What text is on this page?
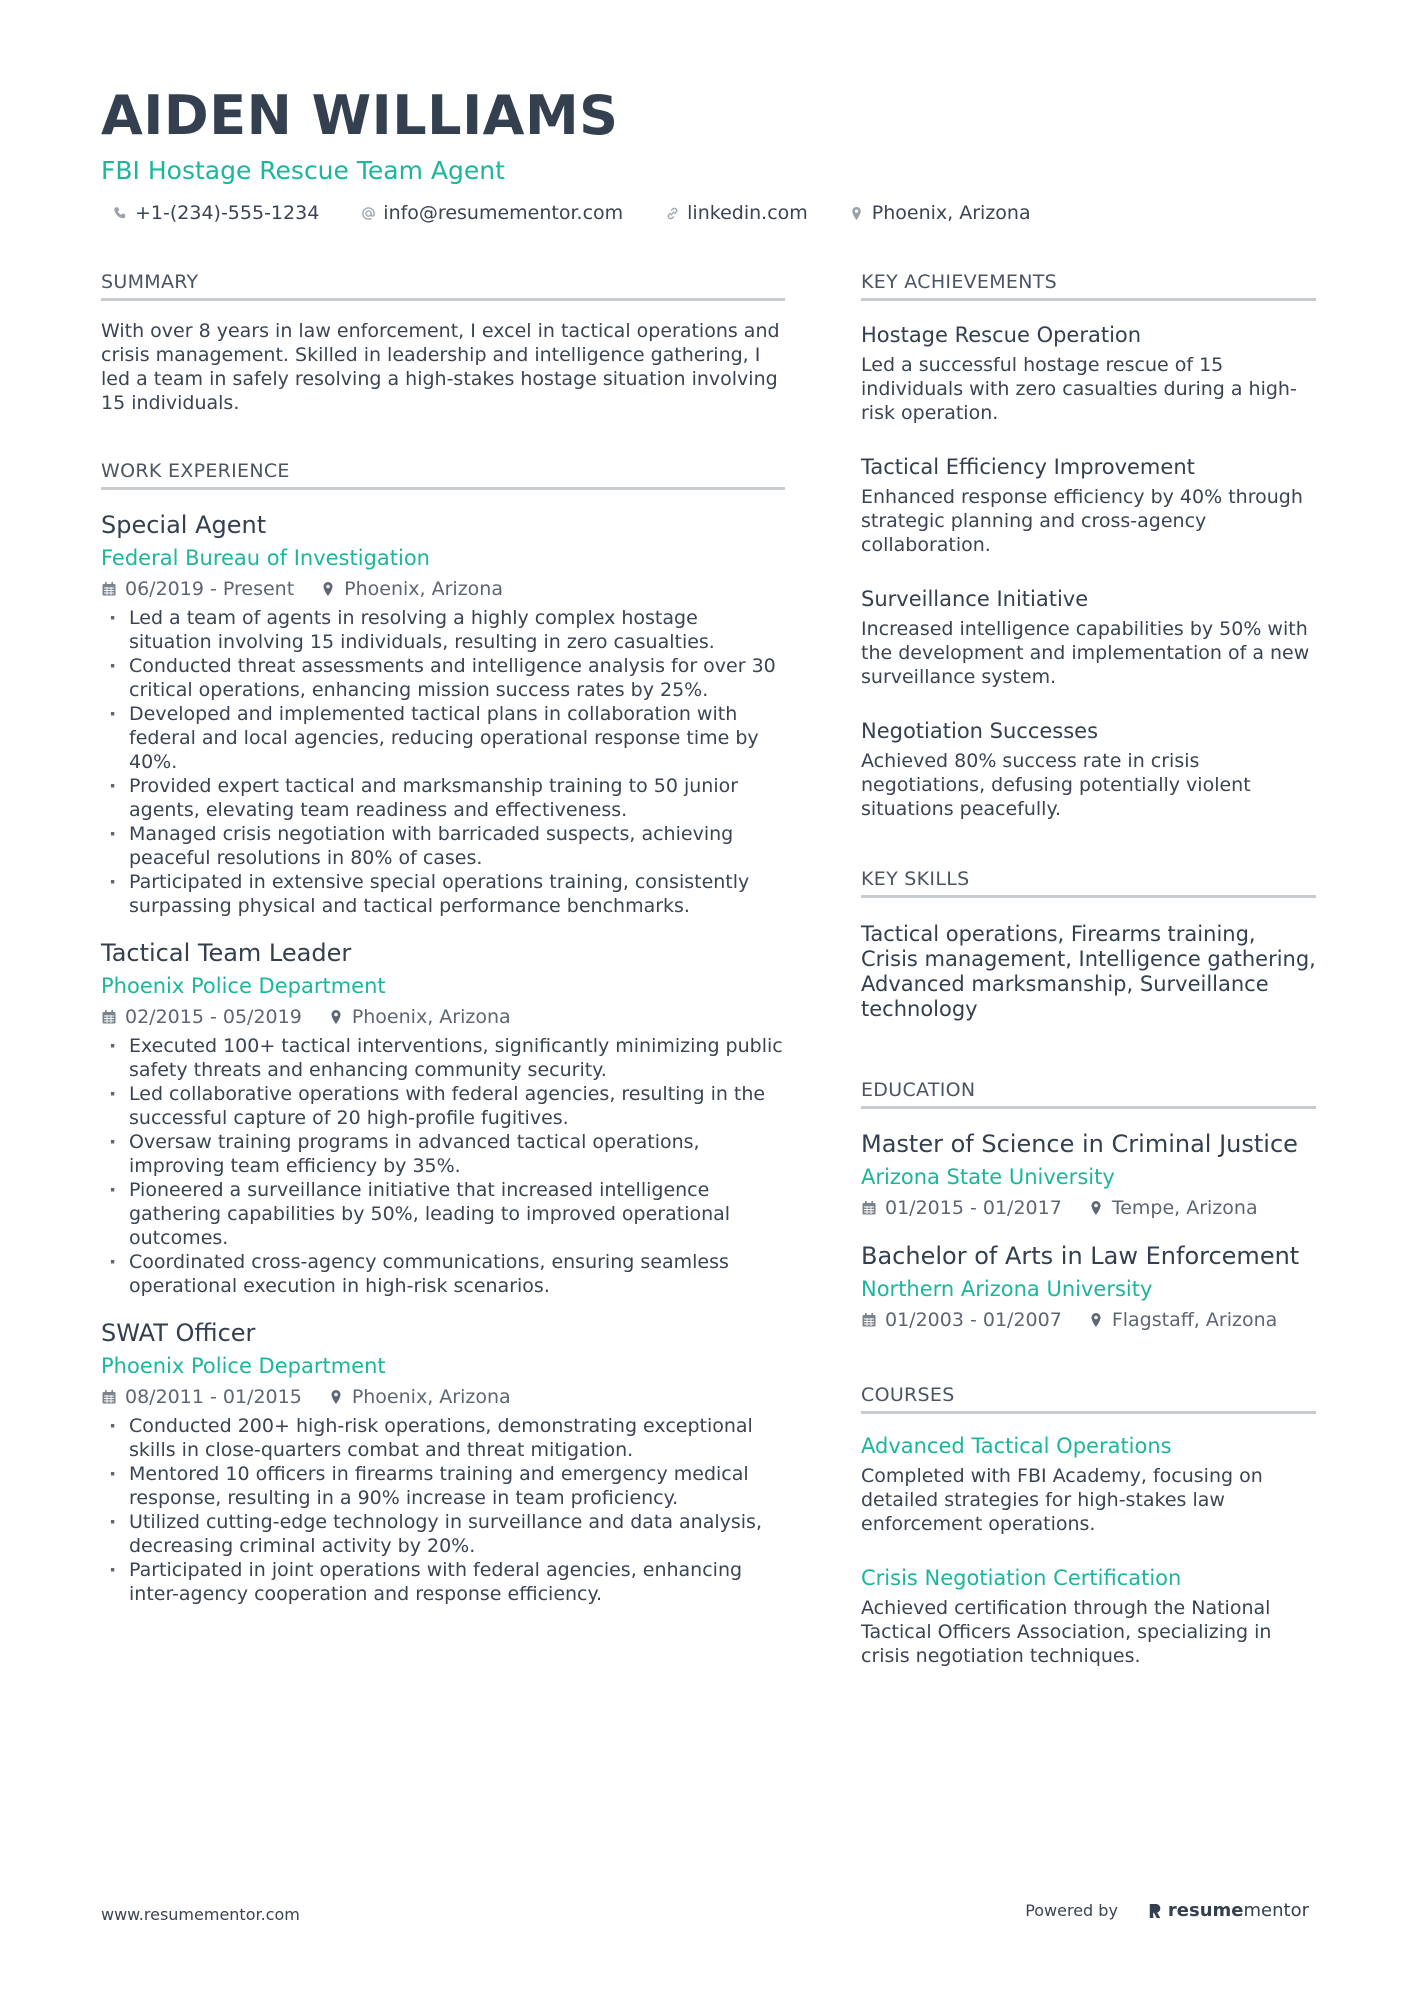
AIDEN WILLIAMS
FBI Hostage Rescue Team Agent
+1-(234)-555-1234	info@resumementor.com	linkedin.com	Phoenix, Arizona
SUMMARY

With over 8 years in law enforcement, I excel in tactical operations and crisis management. Skilled in leadership and intelligence gathering, I led a team in safely resolving a high-stakes hostage situation involving 15 individuals.

WORK EXPERIENCE
Special Agent
Federal Bureau of Investigation
06/2019 - Present	Phoenix, Arizona
· Led a team of agents in resolving a highly complex hostage situation involving 15 individuals, resulting in zero casualties.
· Conducted threat assessments and intelligence analysis for over 30 critical operations, enhancing mission success rates by 25%.
· Developed and implemented tactical plans in collaboration with federal and local agencies, reducing operational response time by 40%.
· Provided expert tactical and marksmanship training to 50 junior agents, elevating team readiness and effectiveness.
· Managed crisis negotiation with barricaded suspects, achieving peaceful resolutions in 80% of cases.
· Participated in extensive special operations training, consistently surpassing physical and tactical performance benchmarks.
Tactical Team Leader
Phoenix Police Department
02/2015 - 05/2019	Phoenix, Arizona
· Executed 100+ tactical interventions, significantly minimizing public safety threats and enhancing community security.
· Led collaborative operations with federal agencies, resulting in the successful capture of 20 high-profile fugitives.
· Oversaw training programs in advanced tactical operations, improving team efficiency by 35%.
· Pioneered a surveillance initiative that increased intelligence gathering capabilities by 50%, leading to improved operational outcomes.
· Coordinated cross-agency communications, ensuring seamless operational execution in high-risk scenarios.
SWAT Officer
Phoenix Police Department
08/2011 - 01/2015	Phoenix, Arizona
· Conducted 200+ high-risk operations, demonstrating exceptional skills in close-quarters combat and threat mitigation.
· Mentored 10 officers in firearms training and emergency medical response, resulting in a 90% increase in team proficiency.
· Utilized cutting-edge technology in surveillance and data analysis, decreasing criminal activity by 20%.
· Participated in joint operations with federal agencies, enhancing inter-agency cooperation and response efficiency.
KEY ACHIEVEMENTS
Hostage Rescue Operation

Led a successful hostage rescue of 15 individuals with zero casualties during a high-risk operation.

Tactical Efficiency Improvement

Enhanced response efficiency by 40% through strategic planning and cross-agency collaboration.

Surveillance Initiative

Increased intelligence capabilities by 50% with the development and implementation of a new surveillance system.

Negotiation Successes

Achieved 80% success rate in crisis negotiations, defusing potentially violent situations peacefully.

KEY SKILLS

Tactical operations, Firearms training, Crisis management, Intelligence gathering, Advanced marksmanship, Surveillance technology

EDUCATION
Master of Science in Criminal Justice
Arizona State University
01/2015 - 01/2017	Tempe, Arizona
Bachelor of Arts in Law Enforcement
Northern Arizona University
01/2003 - 01/2007	Flagstaff, Arizona
COURSES
Advanced Tactical Operations

Completed with FBI Academy, focusing on detailed strategies for high-stakes law enforcement operations.

Crisis Negotiation Certification

Achieved certification through the National Tactical Officers Association, specializing in crisis negotiation techniques.

www.resumementor.com	Powered by	resume mentor
